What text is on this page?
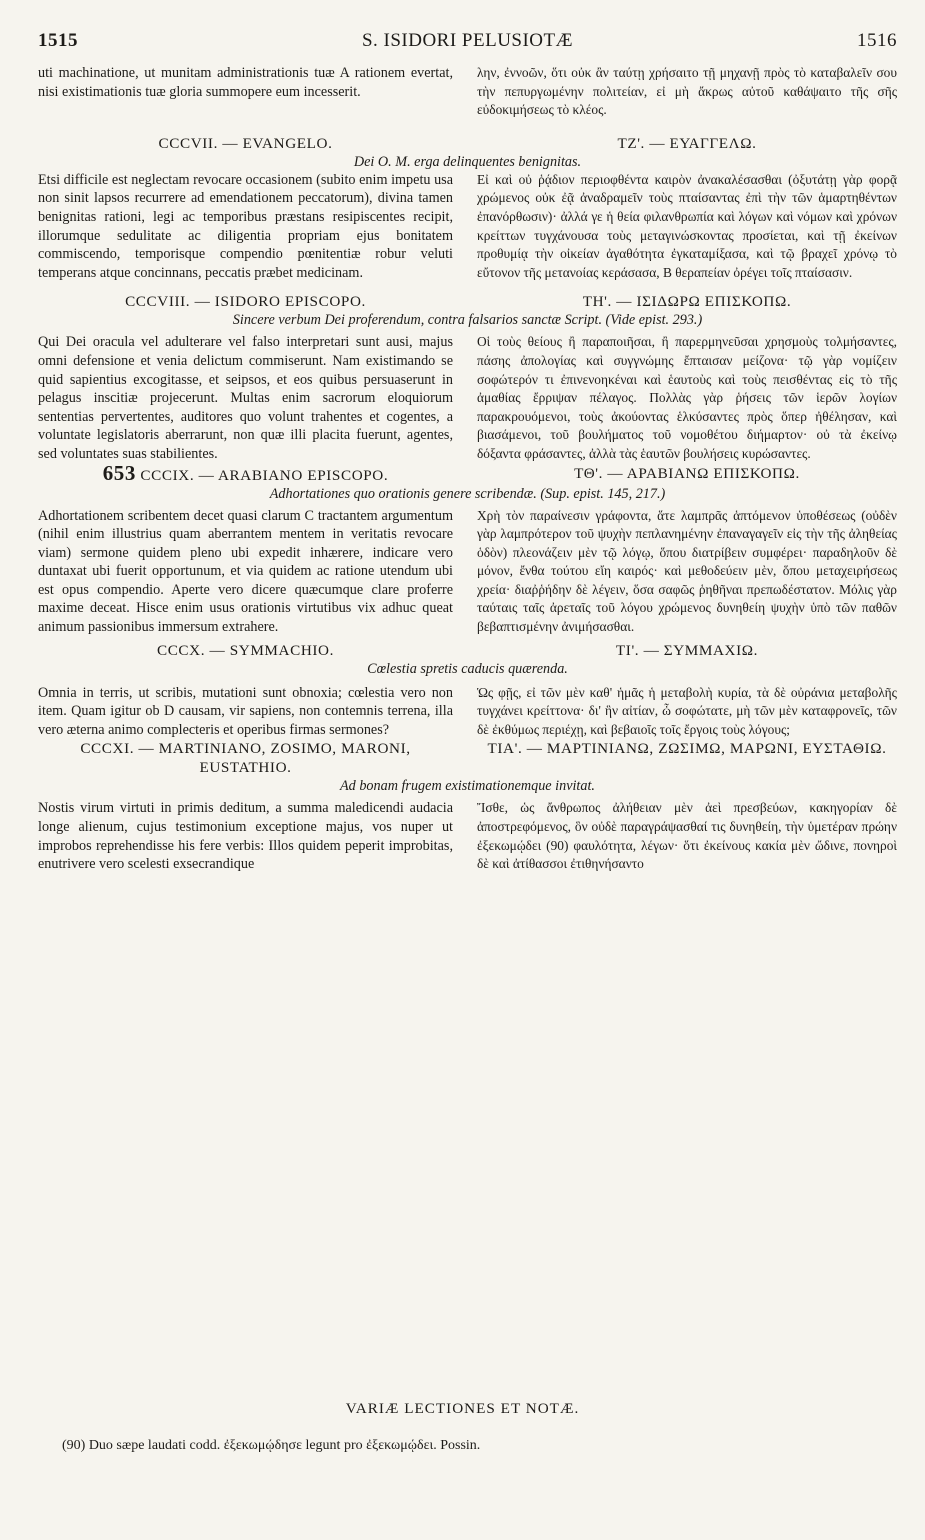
1515	S. ISIDORI PELUSIOTÆ	1516

uti machinatione, ut munitam administrationis tuæ A rationem evertat, nisi existimationis tuæ gloria summopere eum incesserit.

λην, ἐννοῶν, ὅτι οὐκ ἂν ταύτῃ χρήσαιτο τῇ μηχανῇ πρὸς τὸ καταβαλεῖν σου τὴν πεπυργωμένην πολιτείαν, εἰ μὴ ἄκρως αὐτοῦ καθάψαιτο τῆς σῆς εὐδοκιμήσεως τὸ κλέος.

CCCVII. — EVANGELO.	ΤΖ'. — ΕΥΑΓΓΕΛΩ.
Dei O. M. erga delinquentes benignitas.

Etsi difficile est neglectam revocare occasionem (subito enim impetu usa non sinit lapsos recurrere ad emendationem peccatorum), divina tamen benignitas rationi, legi ac temporibus præstans resipiscentes recipit, illorumque sedulitate ac diligentia propriam ejus bonitatem commiscendo, temporisque compendio pœnitentiæ robur veluti temperans atque concinnans, peccatis præbet medicinam.

Εἰ καὶ οὐ ῥᾴδιον περιοφθέντα καιρὸν ἀνακαλέσασθαι (ὀξυτάτῃ γὰρ φορᾷ χρώμενος οὐκ ἐᾷ ἀναδραμεῖν τοὺς πταίσαντας ἐπὶ τὴν τῶν ἁμαρτηθέντων ἐπανόρθωσιν)· ἀλλά γε ἡ θεία φιλανθρωπία καὶ λόγων καὶ νόμων καὶ χρόνων κρείττων τυγχάνουσα τοὺς μεταγινώσκοντας προσίεται, καὶ τῇ ἐκείνων προθυμίᾳ τὴν οἰκείαν ἀγαθότητα ἐγκαταμίξασα, καὶ τῷ βραχεῖ χρόνῳ τὸ εὔτονον τῆς μετανοίας κεράσασα, B θεραπείαν ὀρέγει τοῖς πταίσασιν.

CCCVIII. — ISIDORO EPISCOPO.	ΤΗ'. — ΙΣΙΔΩΡΩ ΕΠΙΣΚΟΠΩ.
Sincere verbum Dei proferendum, contra falsarios sanctæ Script. (Vide epist. 293.)

Qui Dei oracula vel adulterare vel falso interpretari sunt ausi, majus omni defensione et venia delictum commiserunt. Nam existimando se quid sapientius excogitasse, et seipsos, et eos quibus persuaserunt in pelagus inscitiæ projecerunt. Multas enim sacrorum eloquiorum sententias pervertentes, auditores quo volunt trahentes et cogentes, a voluntate legislatoris aberrarunt, non quæ illi placita fuerunt, agentes, sed voluntates suas stabilientes.

Οἱ τοὺς θείους ἢ παραποιῆσαι, ἢ παρερμηνεῦσαι χρησμοὺς τολμήσαντες, πάσης ἀπολογίας καὶ συγγνώμης ἔπταισαν μείζονα· τῷ γὰρ νομίζειν σοφώτερόν τι ἐπινενοηκέναι καὶ ἑαυτοὺς καὶ τοὺς πεισθέντας εἰς τὸ τῆς ἀμαθίας ἔρριψαν πέλαγος. Πολλὰς γὰρ ῥήσεις τῶν ἱερῶν λογίων παρακρουόμενοι, τοὺς ἀκούοντας ἑλκύσαντες πρὸς ὅπερ ἠθέλησαν, καὶ βιασάμενοι, τοῦ βουλήματος τοῦ νομοθέτου διήμαρτον· οὐ τὰ ἐκείνῳ δόξαντα φράσαντες, ἀλλὰ τὰς ἑαυτῶν βουλήσεις κυρώσαντες.

653 CCCIX. — ARABIANO EPISCOPO.	ΤΘ'. — ΑΡΑΒΙΑΝΩ ΕΠΙΣΚΟΠΩ.
Adhortationes quo orationis genere scribendæ. (Sup. epist. 145, 217.)

Adhortationem scribentem decet quasi clarum C tractantem argumentum (nihil enim illustrius quam aberrantem mentem in veritatis revocare viam) sermone quidem pleno ubi expedit inhærere, indicare vero duntaxat ubi fuerit opportunum, et via quidem ac ratione utendum ubi est opus compendio. Aperte vero dicere quæcumque clare proferre maxime deceat. Hisce enim usus orationis virtutibus vix adhuc queat animum passionibus immersum extrahere.

Χρὴ τὸν παραίνεσιν γράφοντα, ἅτε λαμπρᾶς ἁπτόμενον ὑποθέσεως (οὐδὲν γὰρ λαμπρότερον τοῦ ψυχὴν πεπλανημένην ἐπαναγαγεῖν εἰς τὴν τῆς ἀληθείας ὁδὸν) πλεονάζειν μὲν τῷ λόγῳ, ὅπου διατρίβειν συμφέρει· παραδηλοῦν δὲ μόνον, ἔνθα τούτου εἴη καιρός· καὶ μεθοδεύειν μὲν, ὅπου μεταχειρήσεως χρεία· διαῤῥήδην δὲ λέγειν, ὅσα σαφῶς ῥηθῆναι πρεπωδέστατον. Μόλις γὰρ ταύταις ταῖς ἀρεταῖς τοῦ λόγου χρώμενος δυνηθείη ψυχὴν ὑπὸ τῶν παθῶν βεβαπτισμένην ἀνιμήσασθαι.

CCCX. — SYMMACHIO.	ΤΙ'. — ΣΥΜΜΑΧΙΩ.
Cœlestia spretis caducis quærenda.

Omnia in terris, ut scribis, mutationi sunt obnoxia; cœlestia vero non item. Quam igitur ob D causam, vir sapiens, non contemnis terrena, illa vero æterna animo complecteris et operibus firmas sermones?

Ὡς φῇς, εἰ τῶν μὲν καθ' ἡμᾶς ἡ μεταβολὴ κυρία, τὰ δὲ οὐράνια μεταβολῆς τυγχάνει κρείττονα· δι' ἣν αἰτίαν, ὦ σοφώτατε, μὴ τῶν μὲν καταφρονεῖς, τῶν δὲ ἐκθύμως περιέχῃ, καὶ βεβαιοῖς τοῖς ἔργοις τοὺς λόγους;

CCCXI. — MARTINIANO, ZOSIMO, MARONI, EUSTATHIO.
ΤΙΑ'. — ΜΑΡΤΙΝΙΑΝΩ, ΖΩΣΙΜΩ, ΜΑΡΩΝΙ, ΕΥΣΤΑΘΙΩ.
Ad bonam frugem existimationemque invitat.

Nostis virum virtuti in primis deditum, a summa maledicendi audacia longe alienum, cujus testimonium exceptione majus, vos nuper ut improbos reprehendisse his fere verbis: Illos quidem peperit improbitas, enutrivere vero scelesti exsecrandique

Ἴσθε, ὡς ἄνθρωπος ἀλήθειαν μὲν ἀεὶ πρεσβεύων, κακηγορίαν δὲ ἀποστρεφόμενος, ὃν οὐδὲ παραγράψασθαί τις δυνηθείη, τὴν ὑμετέραν πρώην ἐξεκωμῴδει (90) φαυλότητα, λέγων· ὅτι ἐκείνους κακία μὲν ὤδινε, πονηροὶ δὲ καὶ ἀτίθασσοι ἐτιθηνήσαντο

VARIÆ LECTIONES ET NOTÆ.
(90) Duo sæpe laudati codd. ἐξεκωμῴδησε legunt pro ἐξεκωμῴδει. Possin.
